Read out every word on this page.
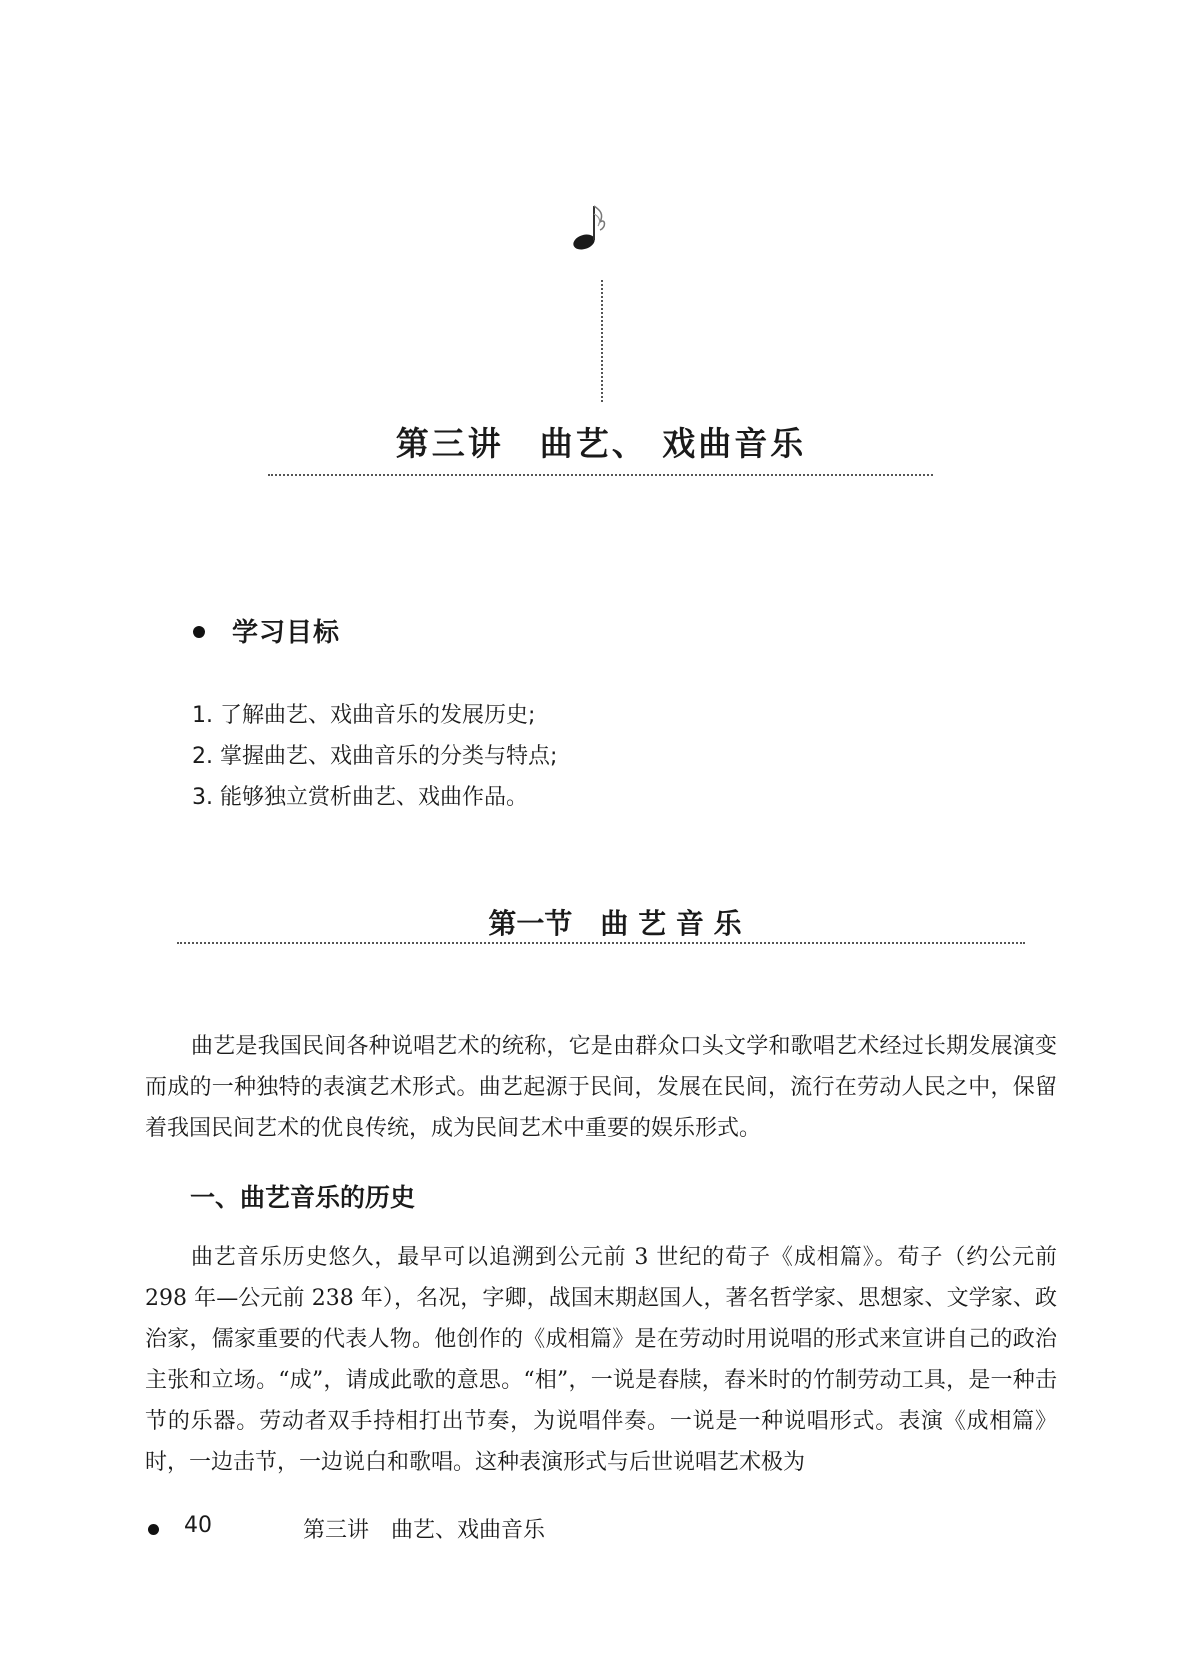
第三讲　曲艺、 戏曲音乐
学习目标
1. 了解曲艺、戏曲音乐的发展历史;
2. 掌握曲艺、戏曲音乐的分类与特点;
3. 能够独立赏析曲艺、戏曲作品。
第一节　曲 艺 音 乐

曲艺是我国民间各种说唱艺术的统称，它是由群众口头文学和歌唱艺术经过长期发展演变而成的一种独特的表演艺术形式。曲艺起源于民间，发展在民间，流行在劳动人民之中，保留着我国民间艺术的优良传统，成为民间艺术中重要的娱乐形式。

一、曲艺音乐的历史

曲艺音乐历史悠久，最早可以追溯到公元前 3 世纪的荀子《成相篇》。荀子（约公元前 298 年—公元前 238 年），名况，字卿，战国末期赵国人，著名哲学家、思想家、文学家、政治家，儒家重要的代表人物。他创作的《成相篇》是在劳动时用说唱的形式来宣讲自己的政治主张和立场。“成”，请成此歌的意思。“相”，一说是舂牍，舂米时的竹制劳动工具，是一种击节的乐器。劳动者双手持相打出节奏，为说唱伴奏。一说是一种说唱形式。表演《成相篇》时，一边击节，一边说白和歌唱。这种表演形式与后世说唱艺术极为

40	第三讲　曲艺、戏曲音乐
